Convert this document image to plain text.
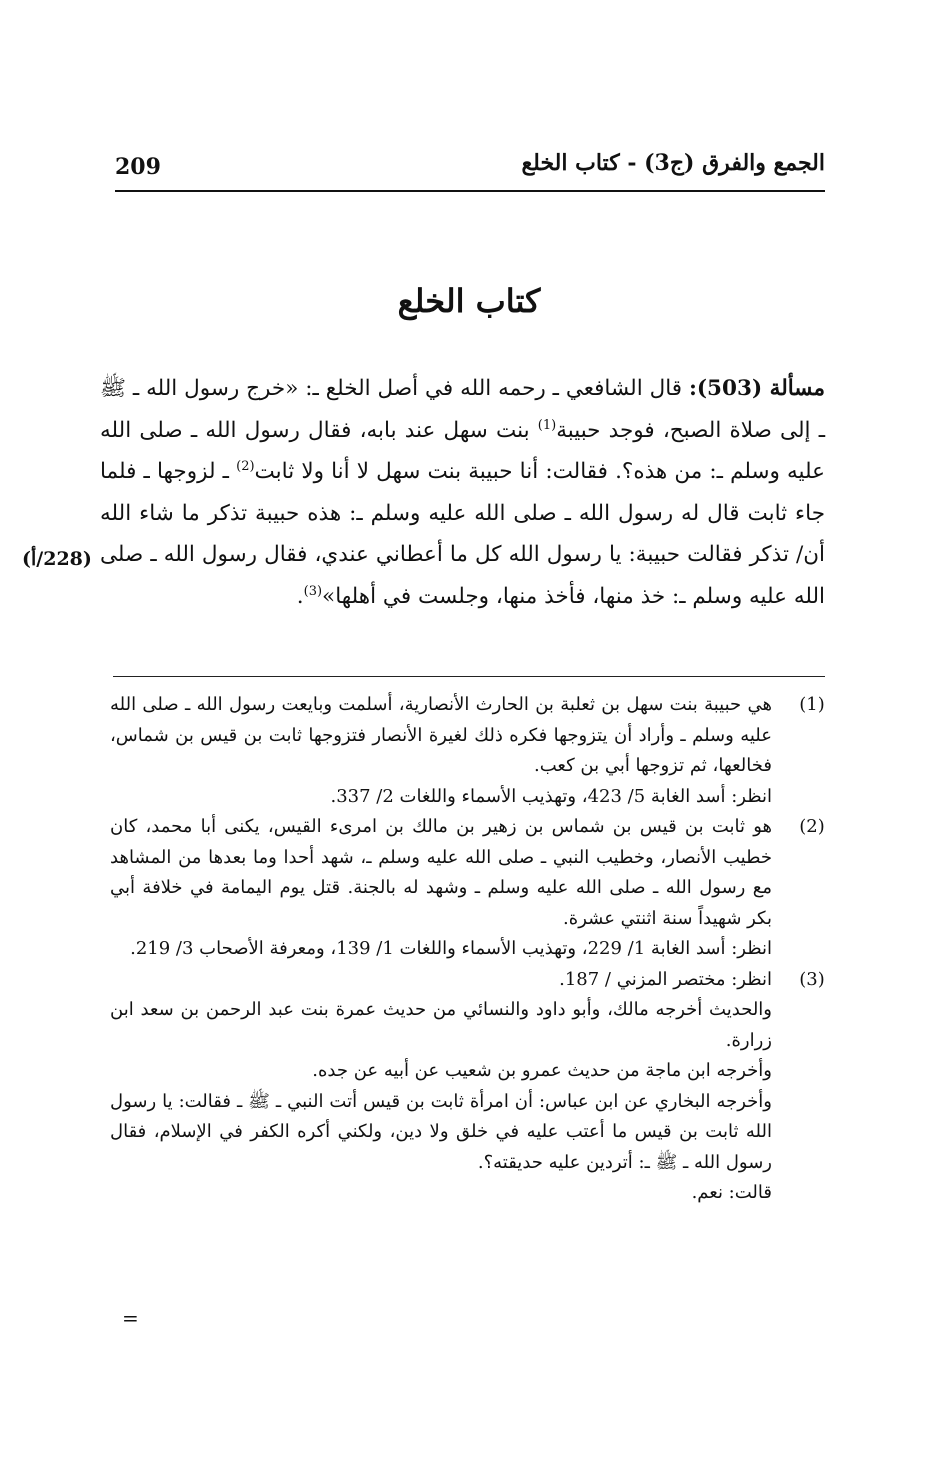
209	الجمع والفرق (ج3) - كتاب الخلع
كتاب الخلع

مسألة (503): قال الشافعي ـ رحمه الله في أصل الخلع ـ: «خرج رسول الله ـ ﷺ ـ إلى صلاة الصبح، فوجد حبيبة$^{(1)}$ بنت سهل عند بابه، فقال رسول الله ـ صلى الله عليه وسلم ـ: من هذه؟. فقالت: أنا حبيبة بنت سهل لا أنا ولا ثابت$^{(2)}$ ـ لزوجها ـ فلما جاء ثابت قال له رسول الله ـ صلى الله عليه وسلم ـ: هذه حبيبة تذكر ما شاء الله أن/ تذكر فقالت حبيبة: يا رسول الله كل ما أعطاني عندي، فقال رسول الله ـ صلى الله عليه وسلم ـ: خذ منها، فأخذ منها، وجلست في أهلها»$^{(3)}$.

(228/أ)
(1)

هي حبيبة بنت سهل بن ثعلبة بن الحارث الأنصارية، أسلمت وبايعت رسول الله ـ صلى الله عليه وسلم ـ وأراد أن يتزوجها فكره ذلك لغيرة الأنصار فتزوجها ثابت بن قيس بن شماس، فخالعها، ثم تزوجها أبي بن كعب.

انظر: أسد الغابة 5/ 423، وتهذيب الأسماء واللغات 2/ 337.

(2)

هو ثابت بن قيس بن شماس بن زهير بن مالك بن امرىء القيس، يكنى أبا محمد، كان خطيب الأنصار، وخطيب النبي ـ صلى الله عليه وسلم ـ، شهد أحدا وما بعدها من المشاهد مع رسول الله ـ صلى الله عليه وسلم ـ وشهد له بالجنة. قتل يوم اليمامة في خلافة أبي بكر شهيداً سنة اثنتي عشرة.

انظر: أسد الغابة 1/ 229، وتهذيب الأسماء واللغات 1/ 139، ومعرفة الأصحاب 3/ 219.

(3)

انظر: مختصر المزني / 187.

والحديث أخرجه مالك، وأبو داود والنسائي من حديث عمرة بنت عبد الرحمن بن سعد ابن زرارة.

وأخرجه ابن ماجة من حديث عمرو بن شعيب عن أبيه عن جده.

وأخرجه البخاري عن ابن عباس: أن امرأة ثابت بن قيس أتت النبي ـ ﷺ ـ فقالت: يا رسول الله ثابت بن قيس ما أعتب عليه في خلق ولا دين، ولكني أكره الكفر في الإسلام، فقال رسول الله ـ ﷺ ـ: أتردين عليه حديقته؟.

قالت: نعم.

=
